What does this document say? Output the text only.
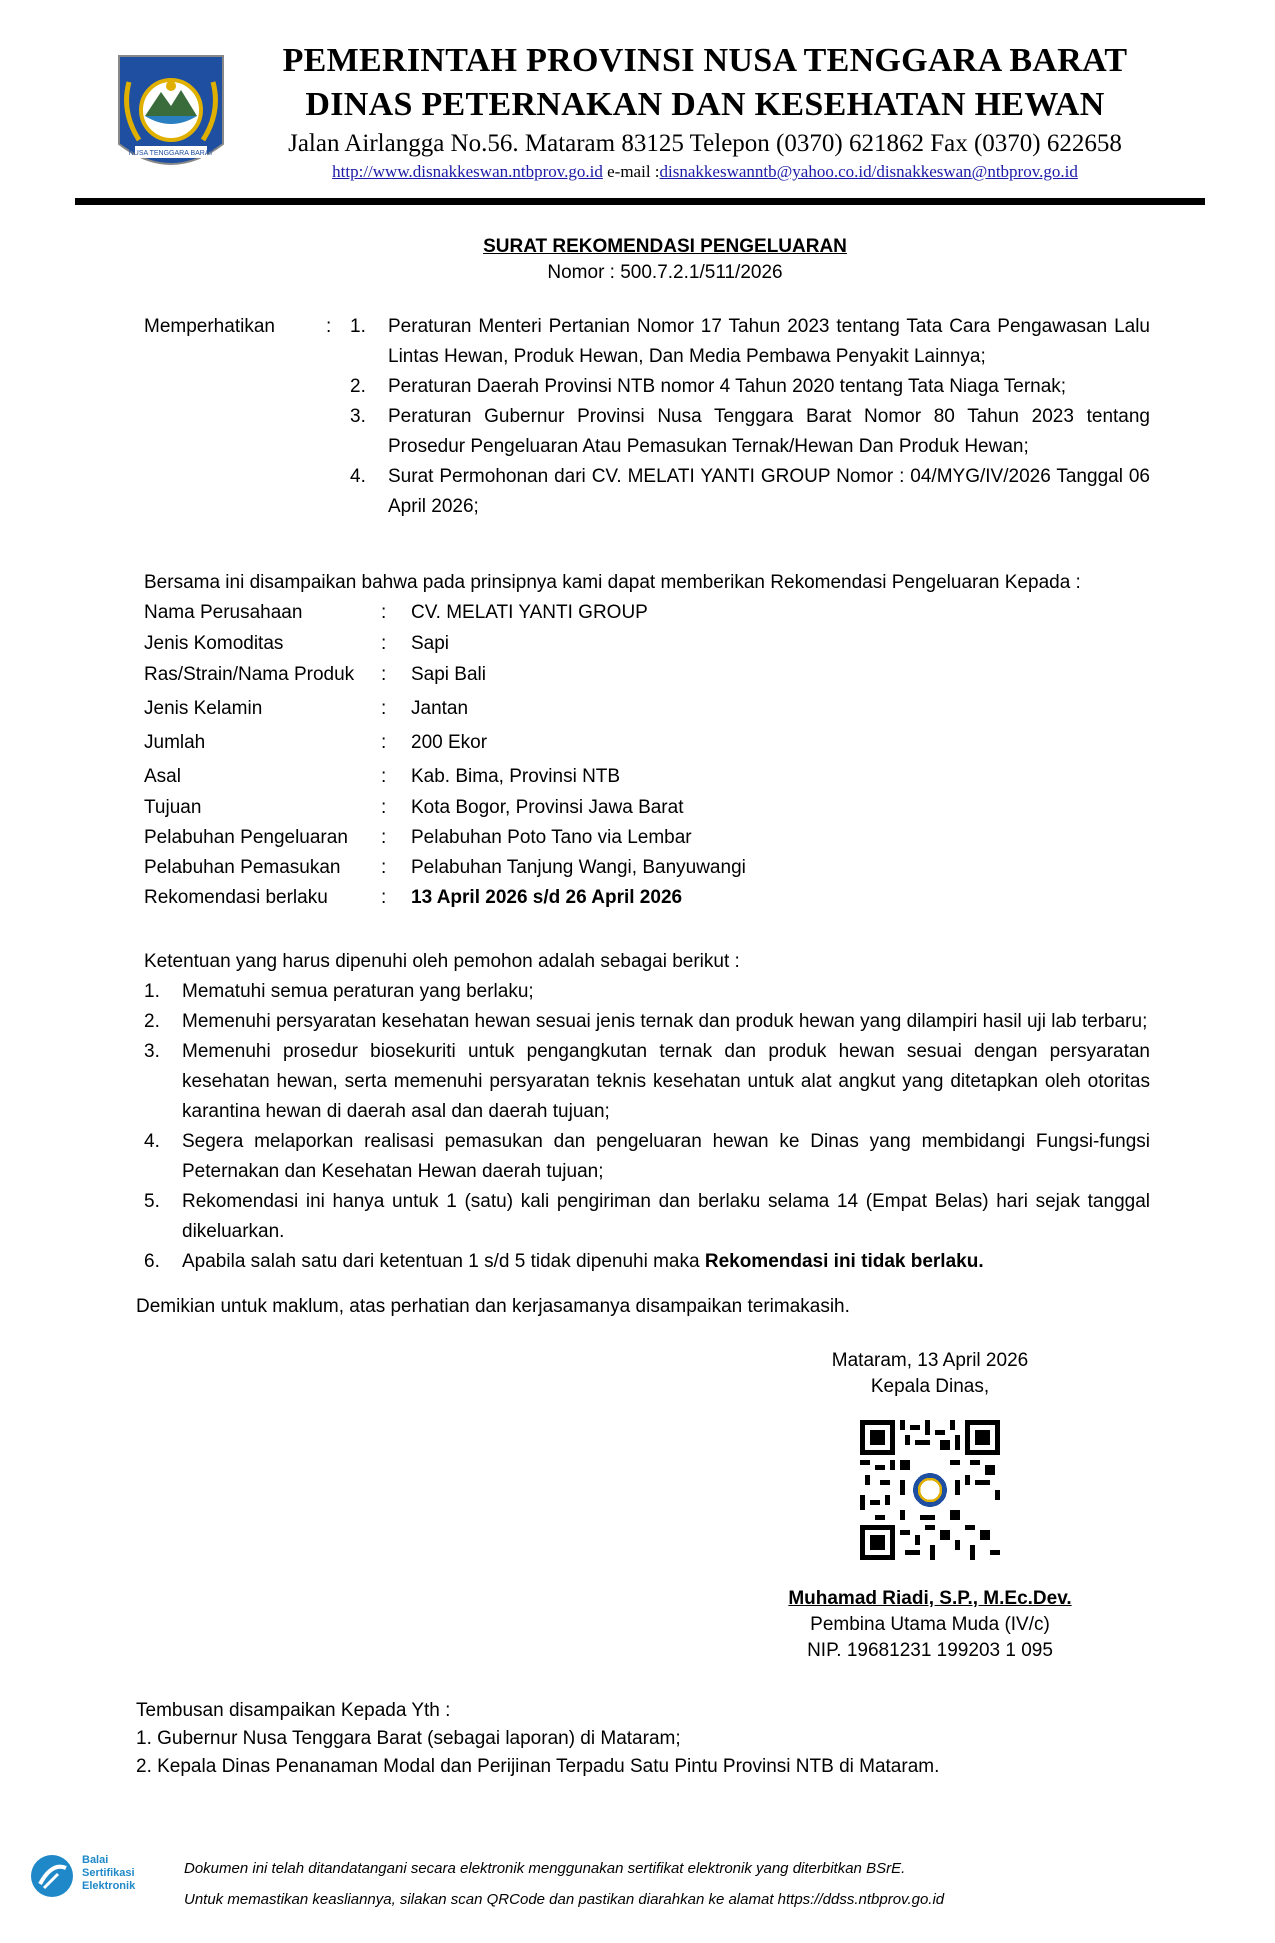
NUSA TENGGARA BARAT
PEMERINTAH PROVINSI NUSA TENGGARA BARAT
DINAS PETERNAKAN DAN KESEHATAN HEWAN
Jalan Airlangga No.56. Mataram 83125 Telepon (0370) 621862 Fax (0370) 622658
http://www.disnakkeswan.ntbprov.go.id e-mail :disnakkeswanntb@yahoo.co.id/disnakkeswan@ntbprov.go.id
SURAT REKOMENDASI PENGELUARAN
Nomor : 500.7.2.1/511/2026
Memperhatikan	: 1. Peraturan Menteri Pertanian Nomor 17 Tahun 2023 tentang Tata Cara Pengawasan Lalu
Lintas Hewan, Produk Hewan, Dan Media Pembawa Penyakit Lainnya;
2. Peraturan Daerah Provinsi NTB nomor 4 Tahun 2020 tentang Tata Niaga Ternak;
3. Peraturan Gubernur Provinsi Nusa Tenggara Barat Nomor 80 Tahun 2023 tentang
Prosedur Pengeluaran Atau Pemasukan Ternak/Hewan Dan Produk Hewan;
4. Surat Permohonan dari CV. MELATI YANTI GROUP Nomor : 04/MYG/IV/2026 Tanggal 06
April 2026;
Bersama ini disampaikan bahwa pada prinsipnya kami dapat memberikan Rekomendasi Pengeluaran Kepada :
Nama Perusahaan	: CV. MELATI YANTI GROUP
Jenis Komoditas	: Sapi
Ras/Strain/Nama Produk : Sapi Bali
Jenis Kelamin	: Jantan
Jumlah	: 200 Ekor
Asal	: Kab. Bima, Provinsi NTB
Tujuan	: Kota Bogor, Provinsi Jawa Barat
Pelabuhan Pengeluaran : Pelabuhan Poto Tano via Lembar
Pelabuhan Pemasukan : Pelabuhan Tanjung Wangi, Banyuwangi
Rekomendasi berlaku	: 13 April 2026 s/d 26 April 2026
Ketentuan yang harus dipenuhi oleh pemohon adalah sebagai berikut :
1. Mematuhi semua peraturan yang berlaku;
2. Memenuhi persyaratan kesehatan hewan sesuai jenis ternak dan produk hewan yang dilampiri hasil uji lab terbaru;
3. Memenuhi prosedur biosekuriti untuk pengangkutan ternak dan produk hewan sesuai dengan persyaratan
kesehatan hewan, serta memenuhi persyaratan teknis kesehatan untuk alat angkut yang ditetapkan oleh otoritas
karantina hewan di daerah asal dan daerah tujuan;
4. Segera melaporkan realisasi pemasukan dan pengeluaran hewan ke Dinas yang membidangi Fungsi-fungsi
Peternakan dan Kesehatan Hewan daerah tujuan;
5. Rekomendasi ini hanya untuk 1 (satu) kali pengiriman dan berlaku selama 14 (Empat Belas) hari sejak tanggal
dikeluarkan.
6. Apabila salah satu dari ketentuan 1 s/d 5 tidak dipenuhi maka Rekomendasi ini tidak berlaku.
Demikian untuk maklum, atas perhatian dan kerjasamanya disampaikan terimakasih.
Mataram, 13 April 2026
Kepala Dinas,
Muhamad Riadi, S.P., M.Ec.Dev.
Pembina Utama Muda (IV/c)
NIP. 19681231 199203 1 095
Tembusan disampaikan Kepada Yth :
1. Gubernur Nusa Tenggara Barat (sebagai laporan) di Mataram;
2. Kepala Dinas Penanaman Modal dan Perijinan Terpadu Satu Pintu Provinsi NTB di Mataram.
Balai
Sertifikasi
Elektronik
Dokumen ini telah ditandatangani secara elektronik menggunakan sertifikat elektronik yang diterbitkan BSrE.
Untuk memastikan keasliannya, silakan scan QRCode dan pastikan diarahkan ke alamat https://ddss.ntbprov.go.id
